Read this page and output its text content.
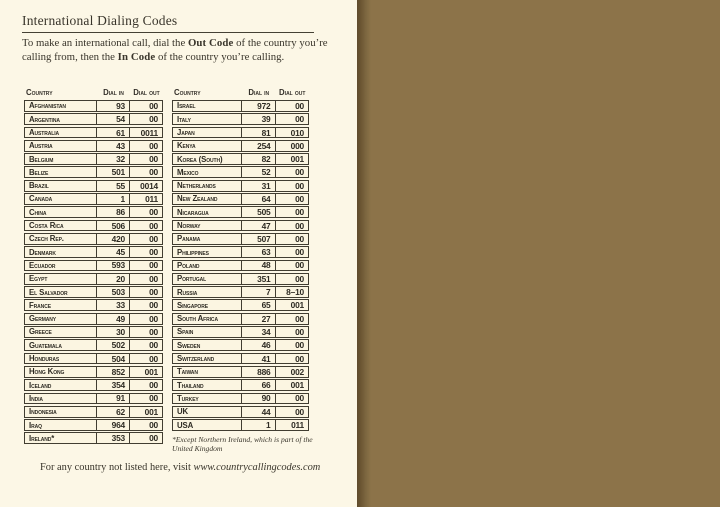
International Dialing Codes
To make an international call, dial the Out Code of the country you’re calling from, then the In Code of the country you’re calling.
Country	Dial in	Dial out
Afghanistan	93	00
Argentina	54	00
Australia	61	0011
Austria	43	00
Belgium	32	00
Belize	501	00
Brazil	55	0014
Canada	1	011
China	86	00
Costa Rica	506	00
Czech Rep.	420	00
Denmark	45	00
Ecuador	593	00
Egypt	20	00
El Salvador	503	00
France	33	00
Germany	49	00
Greece	30	00
Guatemala	502	00
Honduras	504	00
Hong Kong	852	001
Iceland	354	00
India	91	00
Indonesia	62	001
Iraq	964	00
Ireland*	353	00
Country	Dial in	Dial out
Israel	972	00
Italy	39	00
Japan	81	010
Kenya	254	000
Korea (South)	82	001
Mexico	52	00
Netherlands	31	00
New Zealand	64	00
Nicaragua	505	00
Norway	47	00
Panama	507	00
Philippines	63	00
Poland	48	00
Portugal	351	00
Russia	7	8–10
Singapore	65	001
South Africa	27	00
Spain	34	00
Sweden	46	00
Switzerland	41	00
Taiwan	886	002
Thailand	66	001
Turkey	90	00
UK	44	00
USA	1	011
*Except Northern Ireland, which is part of the United Kingdom
For any country not listed here, visit www.countrycallingcodes.com
